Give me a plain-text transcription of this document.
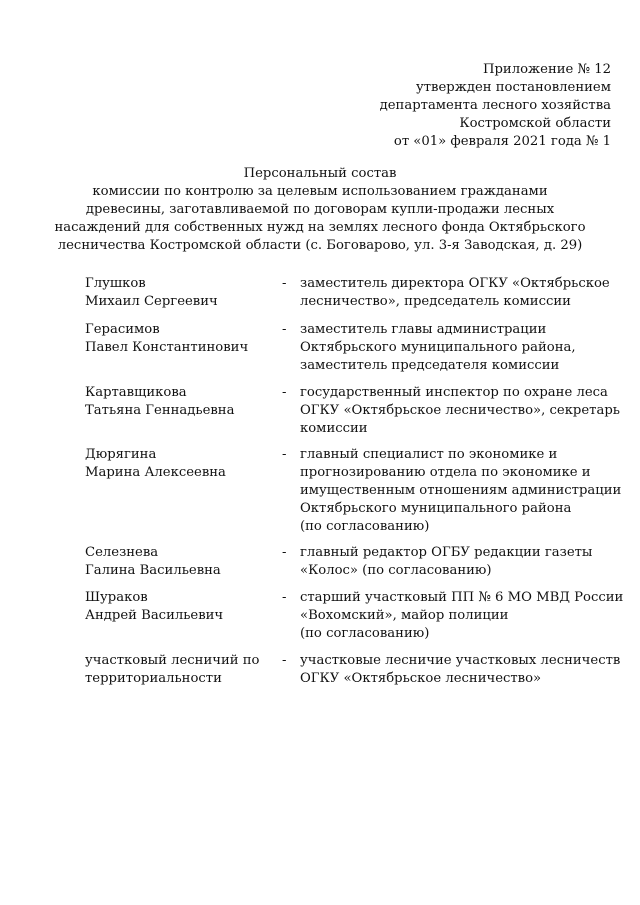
Приложение № 12
утвержден постановлением
департамента лесного хозяйства
Костромской области
от «01» февраля 2021 года № 1
Персональный состав
комиссии по контролю за целевым использованием гражданами
древесины, заготавливаемой по договорам купли-продажи лесных
насаждений для собственных нужд на землях лесного фонда Октябрьского
лесничества Костромской области (с. Боговарово, ул. 3-я Заводская, д. 29)
Глушков
Михаил Сергеевич
- заместитель директора ОГКУ «Октябрьское
лесничество», председатель комиссии
Герасимов
Павел Константинович
- заместитель главы администрации
Октябрьского муниципального района,
заместитель председателя комиссии
Картавщикова
Татьяна Геннадьевна
- государственный инспектор по охране леса
ОГКУ «Октябрьское лесничество», секретарь
комиссии
Дюрягина
Марина Алексеевна
- главный специалист по экономике и
прогнозированию отдела по экономике и
имущественным отношениям администрации
Октябрьского муниципального района
(по согласованию)
Селезнева
Галина Васильевна
- главный редактор ОГБУ редакции газеты
«Колос» (по согласованию)
Шураков
Андрей Васильевич
- старший участковый ПП № 6 МО МВД России
«Вохомский», майор полиции
(по согласованию)
участковый лесничий по
территориальности
- участковые лесничие участковых лесничеств
ОГКУ «Октябрьское лесничество»
